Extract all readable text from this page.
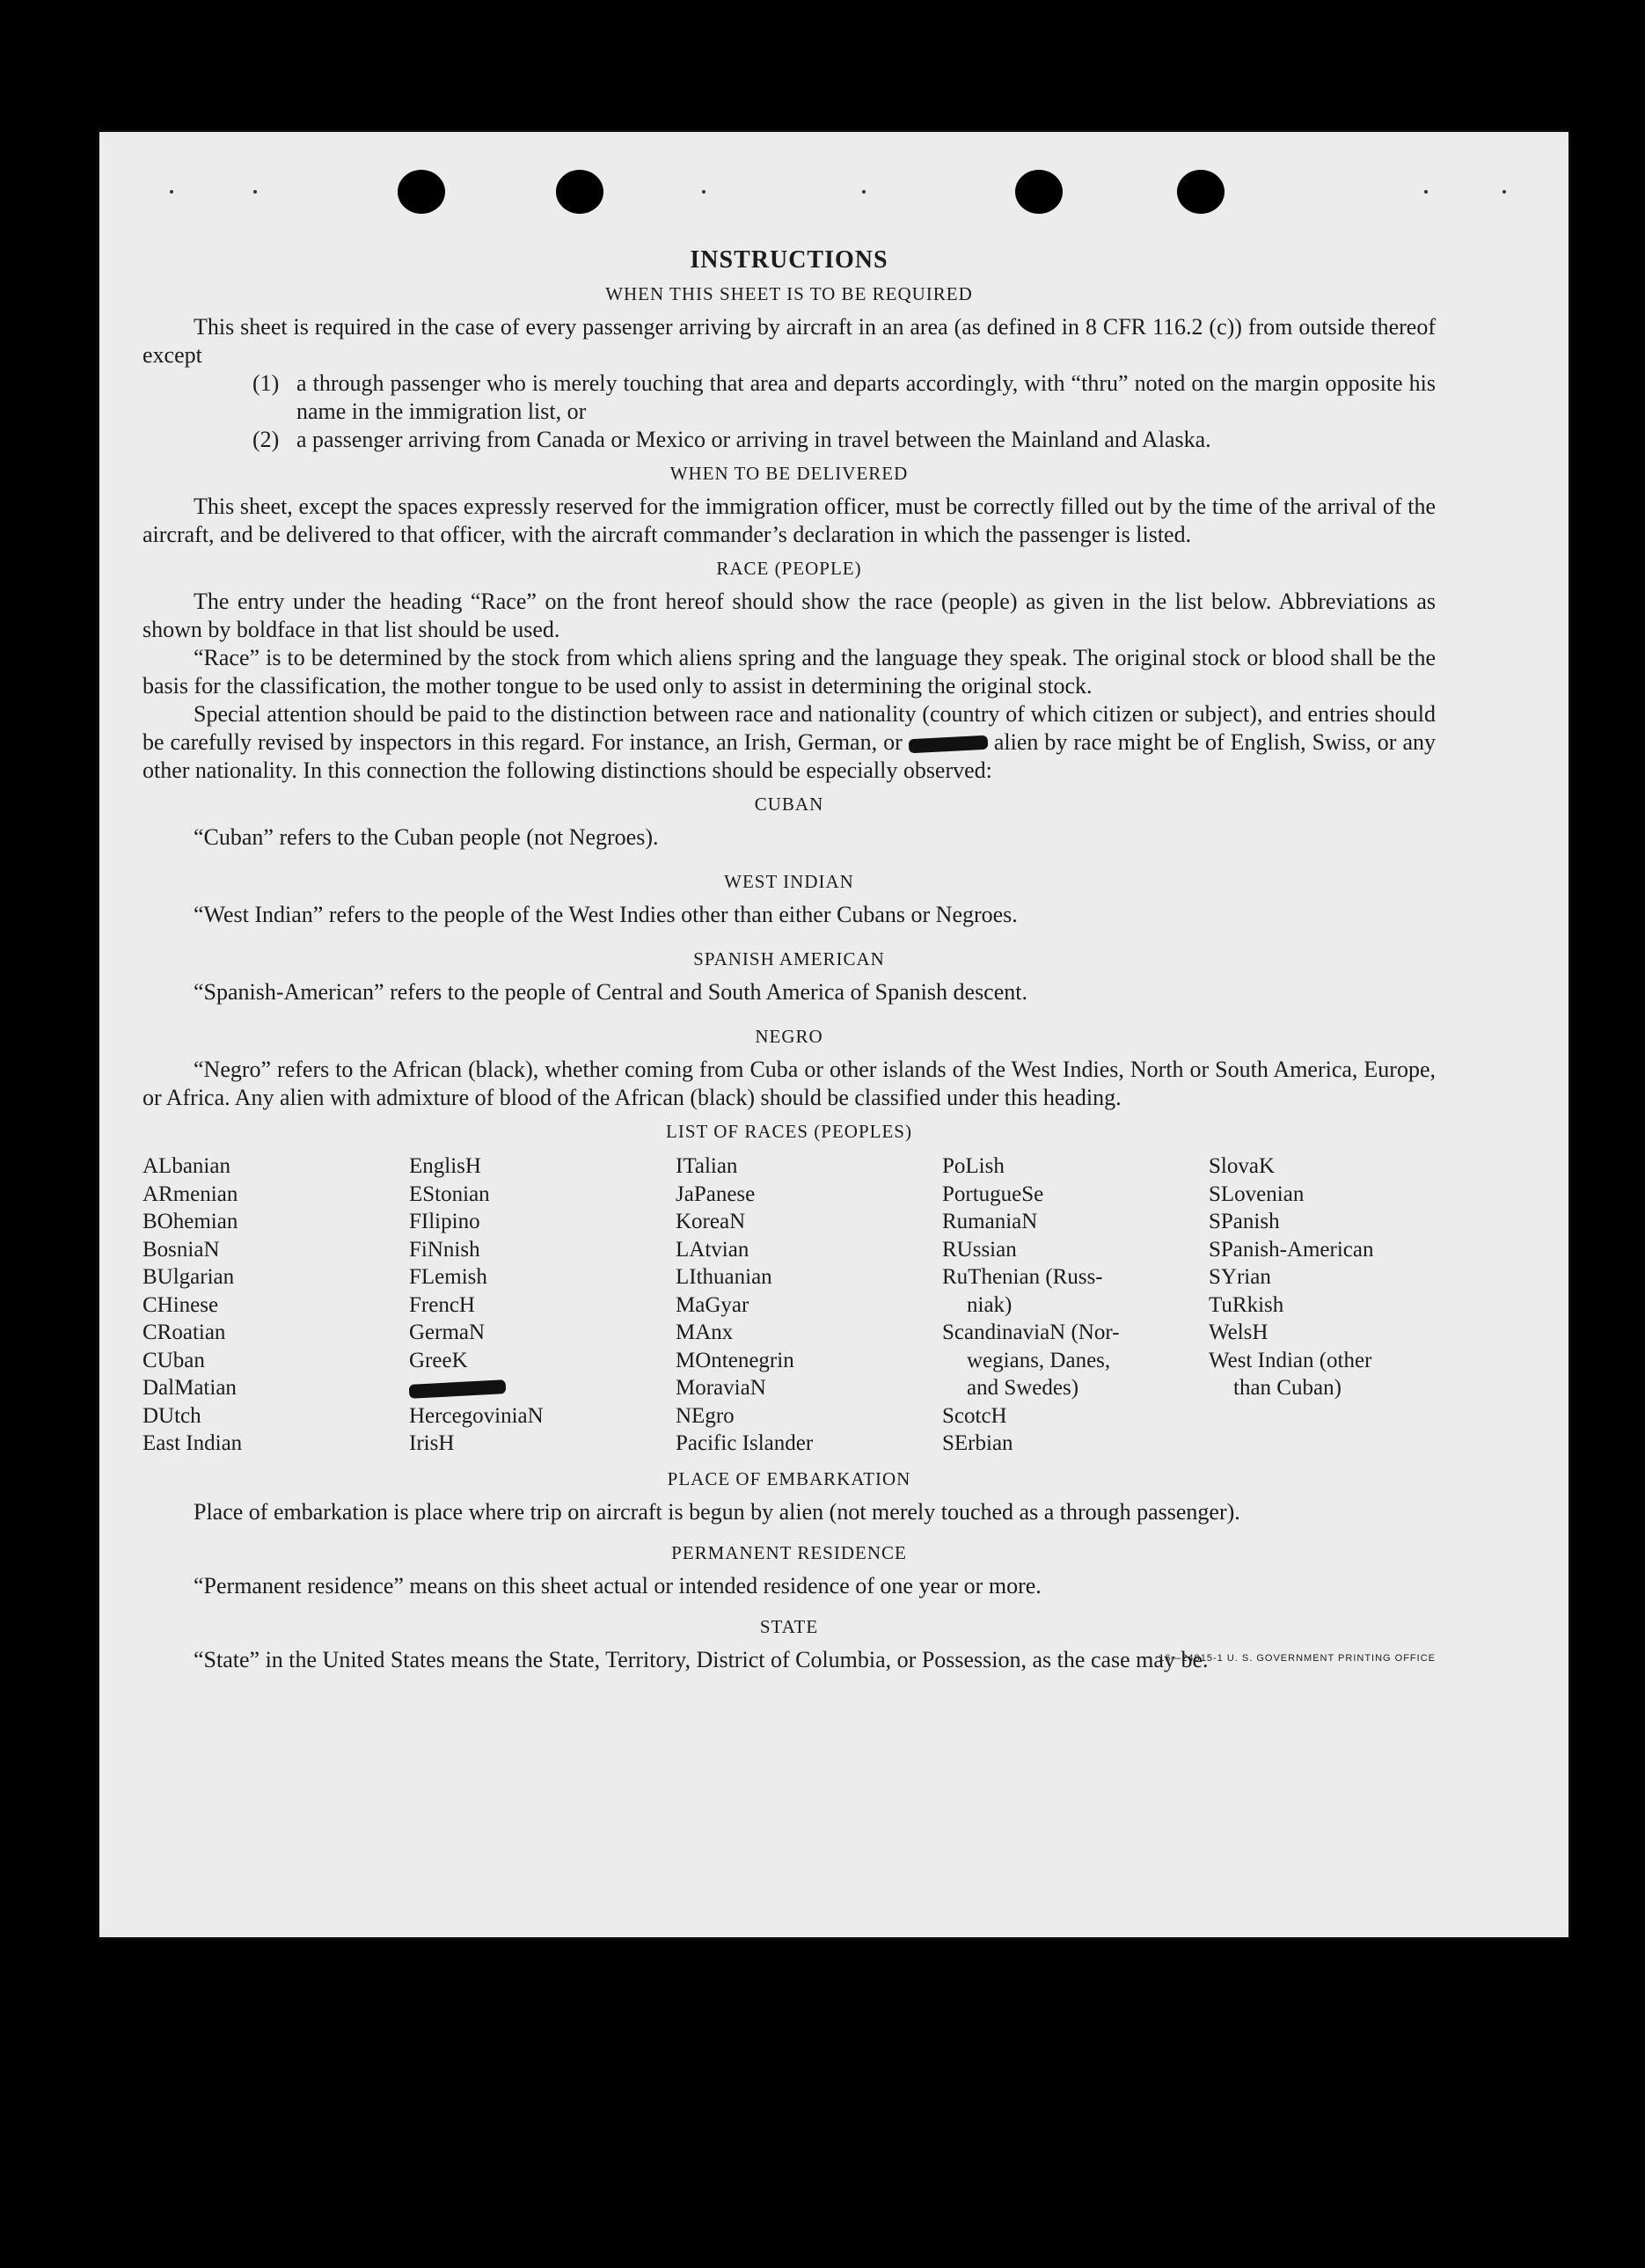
INSTRUCTIONS
WHEN THIS SHEET IS TO BE REQUIRED

This sheet is required in the case of every passenger arriving by aircraft in an area (as defined in 8 CFR 116.2 (c)) from outside thereof except

(1) a through passenger who is merely touching that area and departs accordingly, with “thru” noted on the margin opposite his name in the immigration list, or

(2) a passenger arriving from Canada or Mexico or arriving in travel between the Mainland and Alaska.

WHEN TO BE DELIVERED

This sheet, except the spaces expressly reserved for the immigration officer, must be correctly filled out by the time of the arrival of the aircraft, and be delivered to that officer, with the aircraft commander’s declaration in which the passenger is listed.

RACE (PEOPLE)

The entry under the heading “Race” on the front hereof should show the race (people) as given in the list below. Abbreviations as shown by boldface in that list should be used.

“Race” is to be determined by the stock from which aliens spring and the language they speak. The original stock or blood shall be the basis for the classification, the mother tongue to be used only to assist in determining the original stock.

Special attention should be paid to the distinction between race and nationality (country of which citizen or subject), and entries should be carefully revised by inspectors in this regard. For instance, an Irish, German, or	alien by race might be of English, Swiss, or any other nationality. In this connection the following distinctions should be especially observed:

CUBAN

“Cuban” refers to the Cuban people (not Negroes).

WEST INDIAN

“West Indian” refers to the people of the West Indies other than either Cubans or Negroes.

SPANISH AMERICAN

“Spanish-American” refers to the people of Central and South America of Spanish descent.

NEGRO

“Negro” refers to the African (black), whether coming from Cuba or other islands of the West Indies, North or South America, Europe, or Africa. Any alien with admixture of blood of the African (black) should be classified under this heading.

LIST OF RACES (PEOPLES)
ALbanian
ARmenian
BOhemian
BosniaN
BUlgarian
CHinese
CRoatian
CUban
DalMatian
DUtch
East Indian
EnglisH
EStonian
FIlipino
FiNnish
FLemish
FrencH
GermaN
GreeK
HercegoviniaN
IrisH
ITalian
JaPanese
KoreaN
LAtvian
LIthuanian
MaGyar
MAnx
MOntenegrin
MoraviaN
NEgro
Pacific Islander
PoLish
PortugueSe
RumaniaN
RUssian
RuThenian (Russ-
niak)
ScandinaviaN (Nor-
wegians, Danes,
and Swedes)
ScotcH
SErbian
SlovaK
SLovenian
SPanish
SPanish-American
SYrian
TuRkish
WelsH
West Indian (other
than Cuban)
PLACE OF EMBARKATION

Place of embarkation is place where trip on aircraft is begun by alien (not merely touched as a through passenger).

PERMANENT RESIDENCE

“Permanent residence” means on this sheet actual or intended residence of one year or more.

STATE

“State” in the United States means the State, Territory, District of Columbia, or Possession, as the case may be.

16—24915-1 U. S. GOVERNMENT PRINTING OFFICE
